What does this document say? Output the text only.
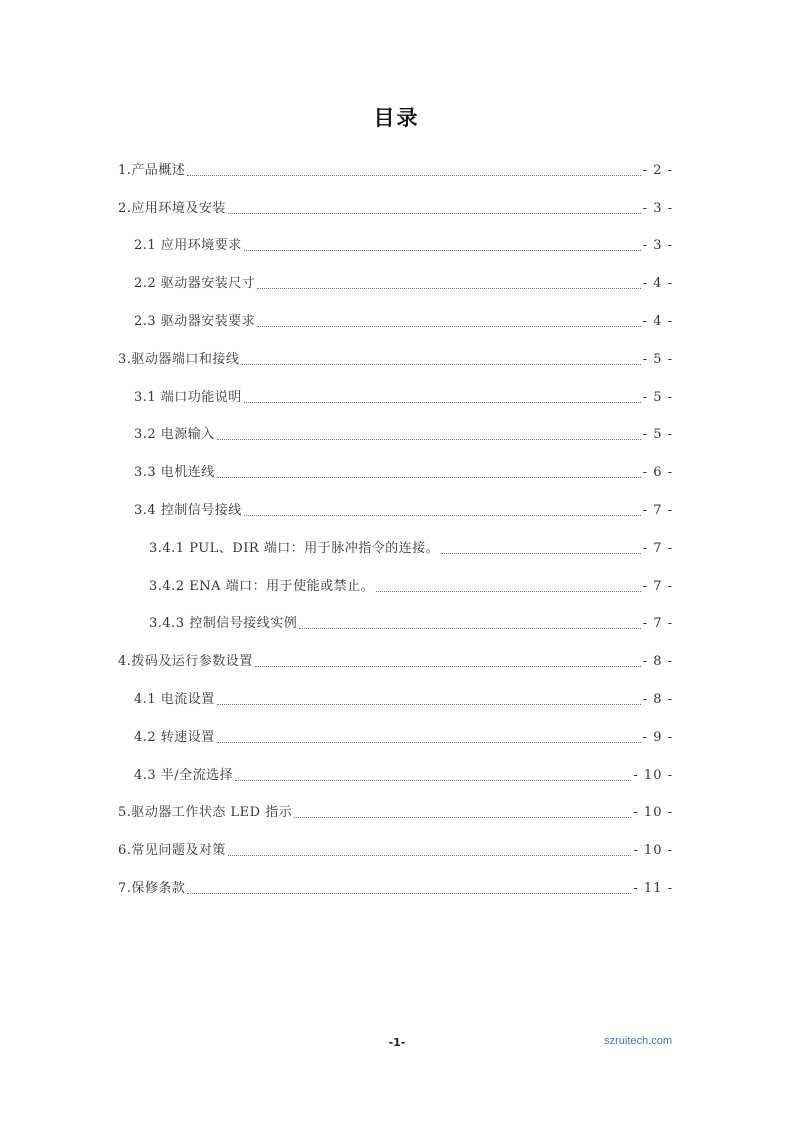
目录
1.产品概述	- 2 -
2.应用环境及安装	- 3 -
2.1 应用环境要求	- 3 -
2.2 驱动器安装尺寸	- 4 -
2.3 驱动器安装要求	- 4 -
3.驱动器端口和接线	- 5 -
3.1 端口功能说明	- 5 -
3.2 电源输入	- 5 -
3.3 电机连线	- 6 -
3.4 控制信号接线	- 7 -
3.4.1 PUL、DIR 端口：用于脉冲指令的连接。	- 7 -
3.4.2 ENA 端口：用于使能或禁止。	- 7 -
3.4.3 控制信号接线实例	- 7 -
4.拨码及运行参数设置	- 8 -
4.1 电流设置	- 8 -
4.2 转速设置	- 9 -
4.3 半/全流选择	- 10 -
5.驱动器工作状态 LED 指示	- 10 -
6.常见问题及对策	- 10 -
7.保修条款	- 11 -
-1-	szruitech.com
